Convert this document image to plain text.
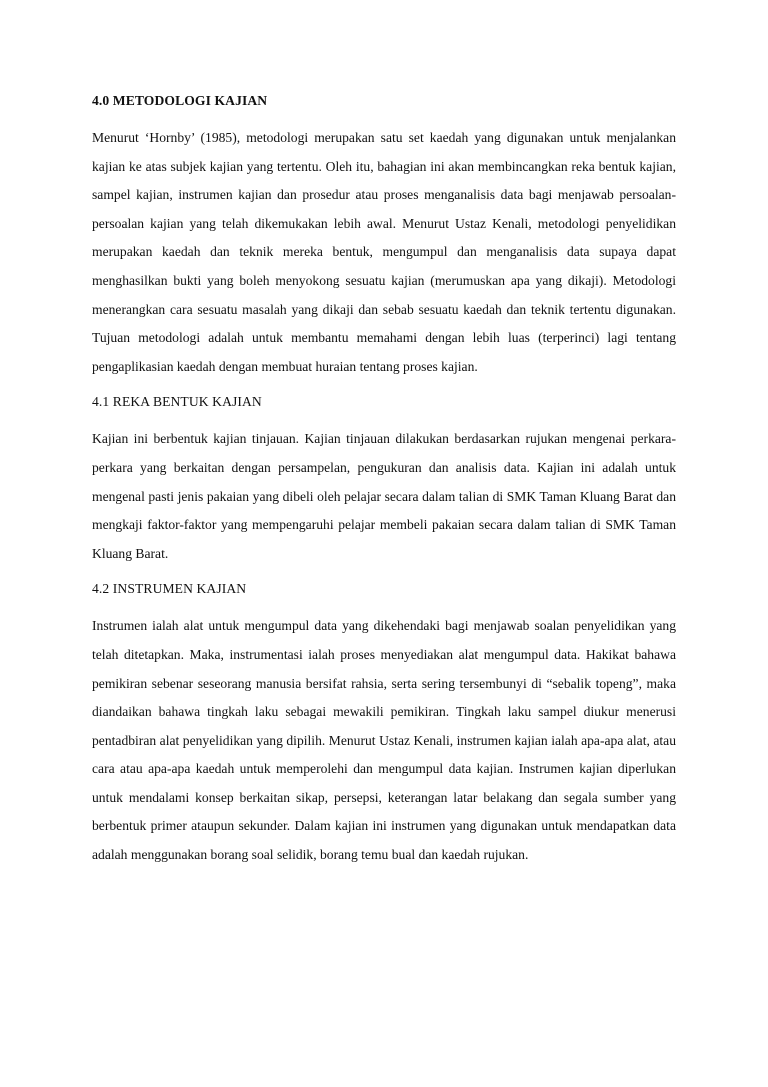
4.0 METODOLOGI KAJIAN

Menurut ‘Hornby’ (1985), metodologi merupakan satu set kaedah yang digunakan untuk menjalankan kajian ke atas subjek kajian yang tertentu. Oleh itu, bahagian ini akan membincangkan reka bentuk kajian, sampel kajian, instrumen kajian dan prosedur atau proses menganalisis data bagi menjawab persoalan-persoalan kajian yang telah dikemukakan lebih awal. Menurut Ustaz Kenali, metodologi penyelidikan merupakan kaedah dan teknik mereka bentuk, mengumpul dan menganalisis data supaya dapat menghasilkan bukti yang boleh menyokong sesuatu kajian (merumuskan apa yang dikaji). Metodologi menerangkan cara sesuatu masalah yang dikaji dan sebab sesuatu kaedah dan teknik tertentu digunakan. Tujuan metodologi adalah untuk membantu memahami dengan lebih luas (terperinci) lagi tentang pengaplikasian kaedah dengan membuat huraian tentang proses kajian.

4.1 REKA BENTUK KAJIAN

Kajian ini berbentuk kajian tinjauan. Kajian tinjauan dilakukan berdasarkan rujukan mengenai perkara-perkara yang berkaitan dengan persampelan, pengukuran dan analisis data. Kajian ini adalah untuk mengenal pasti jenis pakaian yang dibeli oleh pelajar secara dalam talian di SMK Taman Kluang Barat dan mengkaji faktor-faktor yang mempengaruhi pelajar membeli pakaian secara dalam talian di SMK Taman Kluang Barat.

4.2 INSTRUMEN KAJIAN

Instrumen ialah alat untuk mengumpul data yang dikehendaki bagi menjawab soalan penyelidikan yang telah ditetapkan. Maka, instrumentasi ialah proses menyediakan alat mengumpul data. Hakikat bahawa pemikiran sebenar seseorang manusia bersifat rahsia, serta sering tersembunyi di “sebalik topeng”, maka diandaikan bahawa tingkah laku sebagai mewakili pemikiran. Tingkah laku sampel diukur menerusi pentadbiran alat penyelidikan yang dipilih. Menurut Ustaz Kenali, instrumen kajian ialah apa-apa alat, atau cara atau apa-apa kaedah untuk memperolehi dan mengumpul data kajian. Instrumen kajian diperlukan untuk mendalami konsep berkaitan sikap, persepsi, keterangan latar belakang dan segala sumber yang berbentuk primer ataupun sekunder. Dalam kajian ini instrumen yang digunakan untuk mendapatkan data adalah menggunakan borang soal selidik, borang temu bual dan kaedah rujukan.
